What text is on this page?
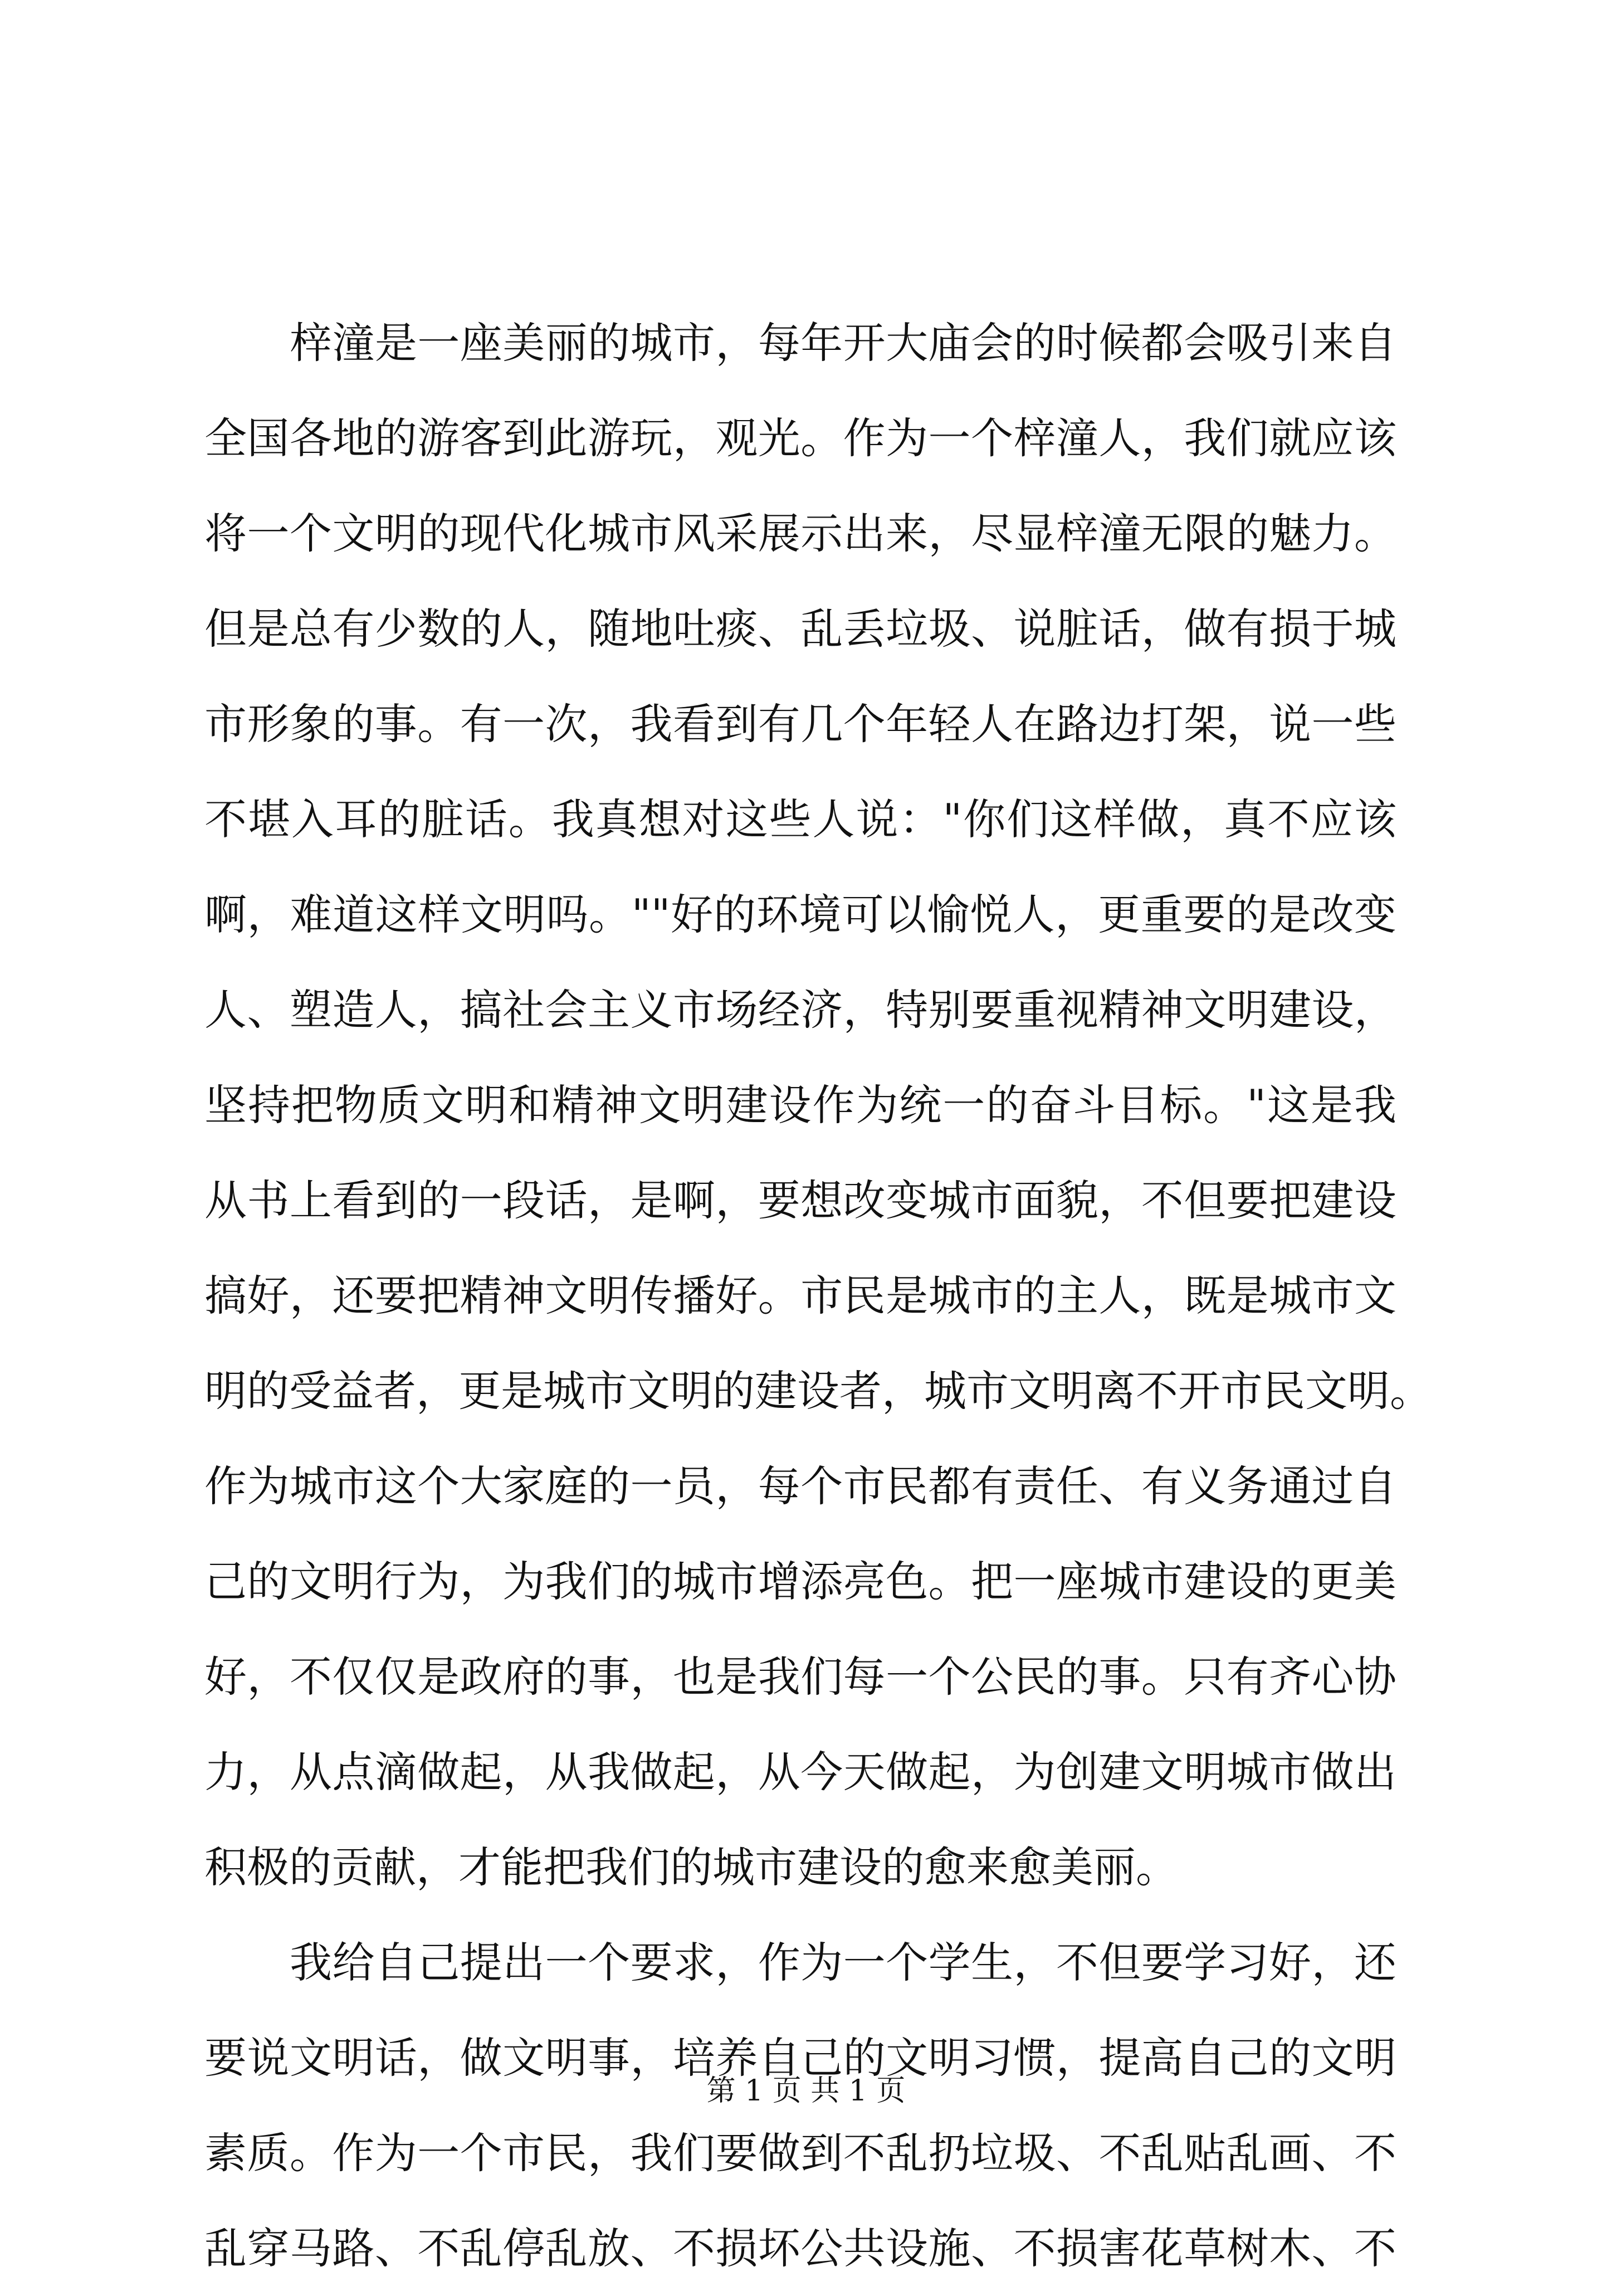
梓潼是一座美丽的城市，每年开大庙会的时候都会吸引来自
全国各地的游客到此游玩，观光。作为一个梓潼人，我们就应该
将一个文明的现代化城市风采展示出来，尽显梓潼无限的魅力。
但是总有少数的人，随地吐痰、乱丢垃圾、说脏话，做有损于城
市形象的事。有一次，我看到有几个年轻人在路边打架，说一些
不堪入耳的脏话。我真想对这些人说："你们这样做，真不应该
啊，难道这样文明吗。""好的环境可以愉悦人，更重要的是改变
人、塑造人，搞社会主义市场经济，特别要重视精神文明建设，
坚持把物质文明和精神文明建设作为统一的奋斗目标。"这是我
从书上看到的一段话，是啊，要想改变城市面貌，不但要把建设
搞好，还要把精神文明传播好。市民是城市的主人，既是城市文
明的受益者，更是城市文明的建设者，城市文明离不开市民文明。
作为城市这个大家庭的一员，每个市民都有责任、有义务通过自
己的文明行为，为我们的城市增添亮色。把一座城市建设的更美
好，不仅仅是政府的事，也是我们每一个公民的事。只有齐心协
力，从点滴做起，从我做起，从今天做起，为创建文明城市做出
积极的贡献，才能把我们的城市建设的愈来愈美丽。
我给自己提出一个要求，作为一个学生，不但要学习好，还
要说文明话，做文明事，培养自己的文明习惯，提高自己的文明
素质。作为一个市民，我们要做到不乱扔垃圾、不乱贴乱画、不
乱穿马路、不乱停乱放、不损坏公共设施、不损害花草树木、不
第 1 页 共 1 页
